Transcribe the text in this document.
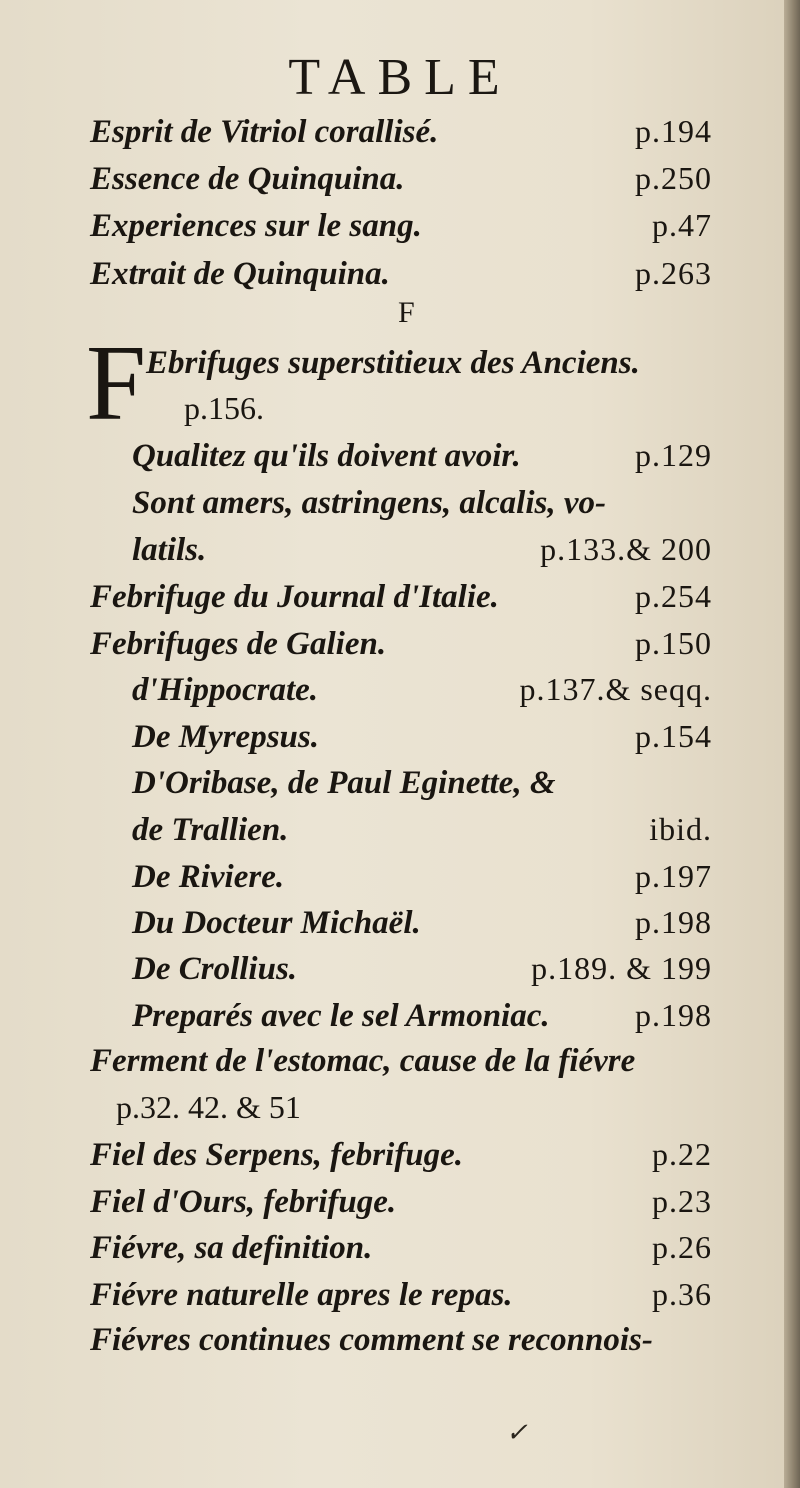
TABLE
Esprit de Vitriol corallisé.	p.194
Essence de Quinquina.	p.250
Experiences sur le sang.	p.47
Extrait de Quinquina.	p.263
F
F Ebrifuges superstitieux des Anciens.
p.156.
Qualitez qu'ils doivent avoir.	p.129
Sont amers, astringens, alcalis, vo-
latils.	p.133.& 200
Febrifuge du Journal d'Italie.	p.254
Febrifuges de Galien.	p.150
d'Hippocrate.	p.137.& seqq.
De Myrepsus.	p.154
D'Oribase, de Paul Eginette, &
de Trallien.	ibid.
De Riviere.	p.197
Du Docteur Michaël.	p.198
De Crollius.	p.189. & 199
Preparés avec le sel Armoniac.	p.198
Ferment de l'estomac, cause de la fiévre
p.32. 42. & 51
Fiel des Serpens, febrifuge.	p.22
Fiel d'Ours, febrifuge.	p.23
Fiévre, sa definition.	p.26
Fiévre naturelle apres le repas.	p.36
Fiévres continues comment se reconnois-
✓
